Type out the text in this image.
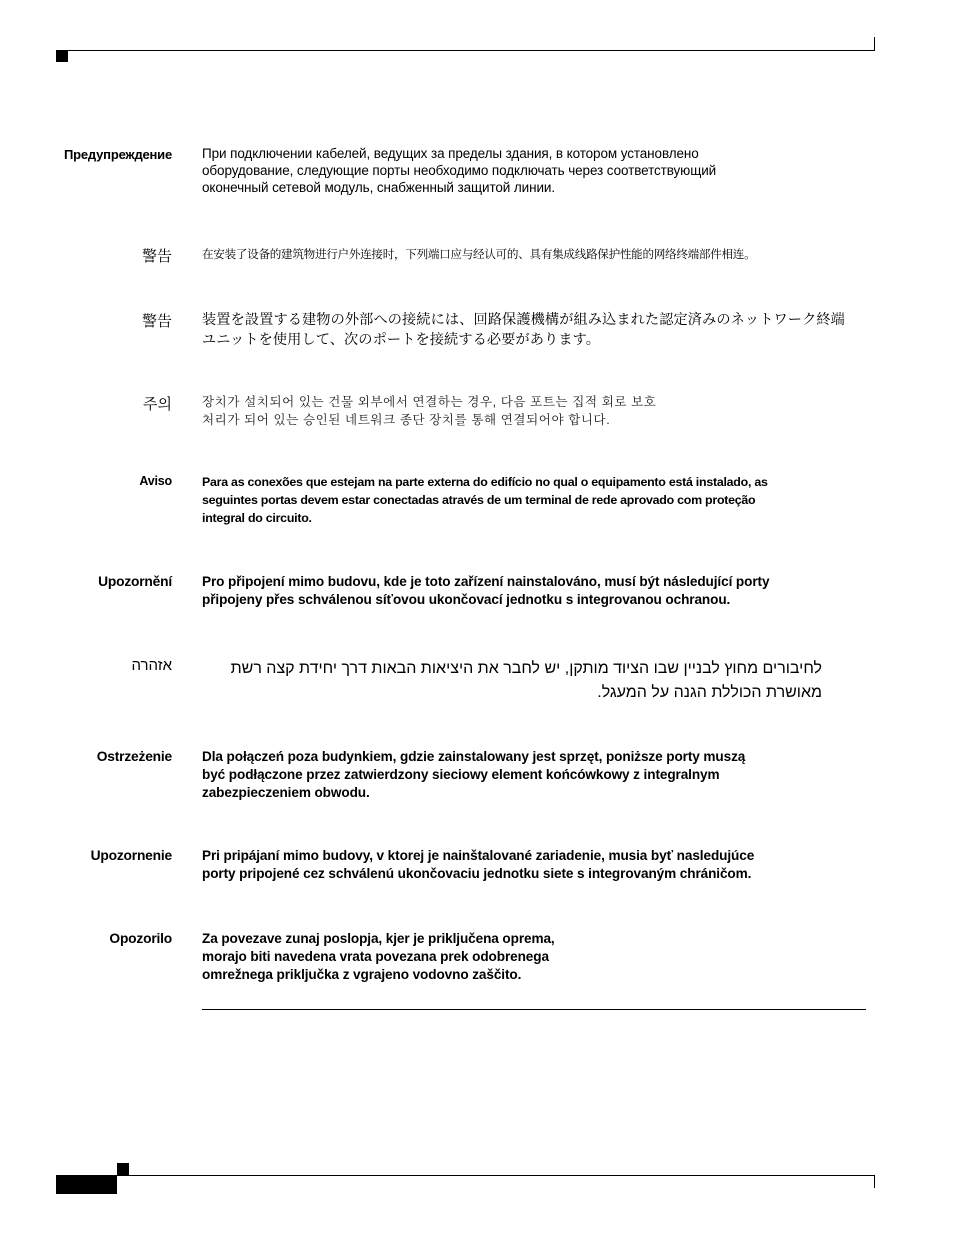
Предупреждение При подключении кабелей, ведущих за пределы здания, в котором установлено
оборудование, следующие порты необходимо подключать через соответствующий
оконечный сетевой модуль, снабженный защитой линии.
警告	在安装了设备的建筑物进行户外连接时，下列端口应与经认可的、具有集成线路保护性能的网络终端部件相连。
警告 装置を設置する建物の外部への接続には、回路保護機構が組み込まれた認定済みのネットワーク終端
ユニットを使用して、次のポートを接続する必要があります。
주의 장치가 설치되어 있는 건물 외부에서 연결하는 경우, 다음 포트는 집적 회로 보호
처리가 되어 있는 승인된 네트워크 종단 장치를 통해 연결되어야 합니다.
Aviso Para as conexões que estejam na parte externa do edifício no qual o equipamento está instalado, as
seguintes portas devem estar conectadas através de um terminal de rede aprovado com proteção
integral do circuito.
Upozornění Pro připojení mimo budovu, kde je toto zařízení nainstalováno, musí být následující porty
připojeny přes schválenou síťovou ukončovací jednotku s integrovanou ochranou.
אזהרה	לחיבורים מחוץ לבניין שבו הציוד מותקן, יש לחבר את היציאות הבאות דרך יחידת קצה רשת
מאושרת הכוללת הגנה על המעגל.
Ostrzeżenie Dla połączeń poza budynkiem, gdzie zainstalowany jest sprzęt, poniższe porty muszą
być podłączone przez zatwierdzony sieciowy element końcówkowy z integralnym
zabezpieczeniem obwodu.
Upozornenie Pri pripájaní mimo budovy, v ktorej je nainštalované zariadenie, musia byť nasledujúce
porty pripojené cez schválenú ukončovaciu jednotku siete s integrovaným chráničom.
Opozorilo Za povezave zunaj poslopja, kjer je priključena oprema,
morajo biti navedena vrata povezana prek odobrenega
omrežnega priključka z vgrajeno vodovno zaščito.
